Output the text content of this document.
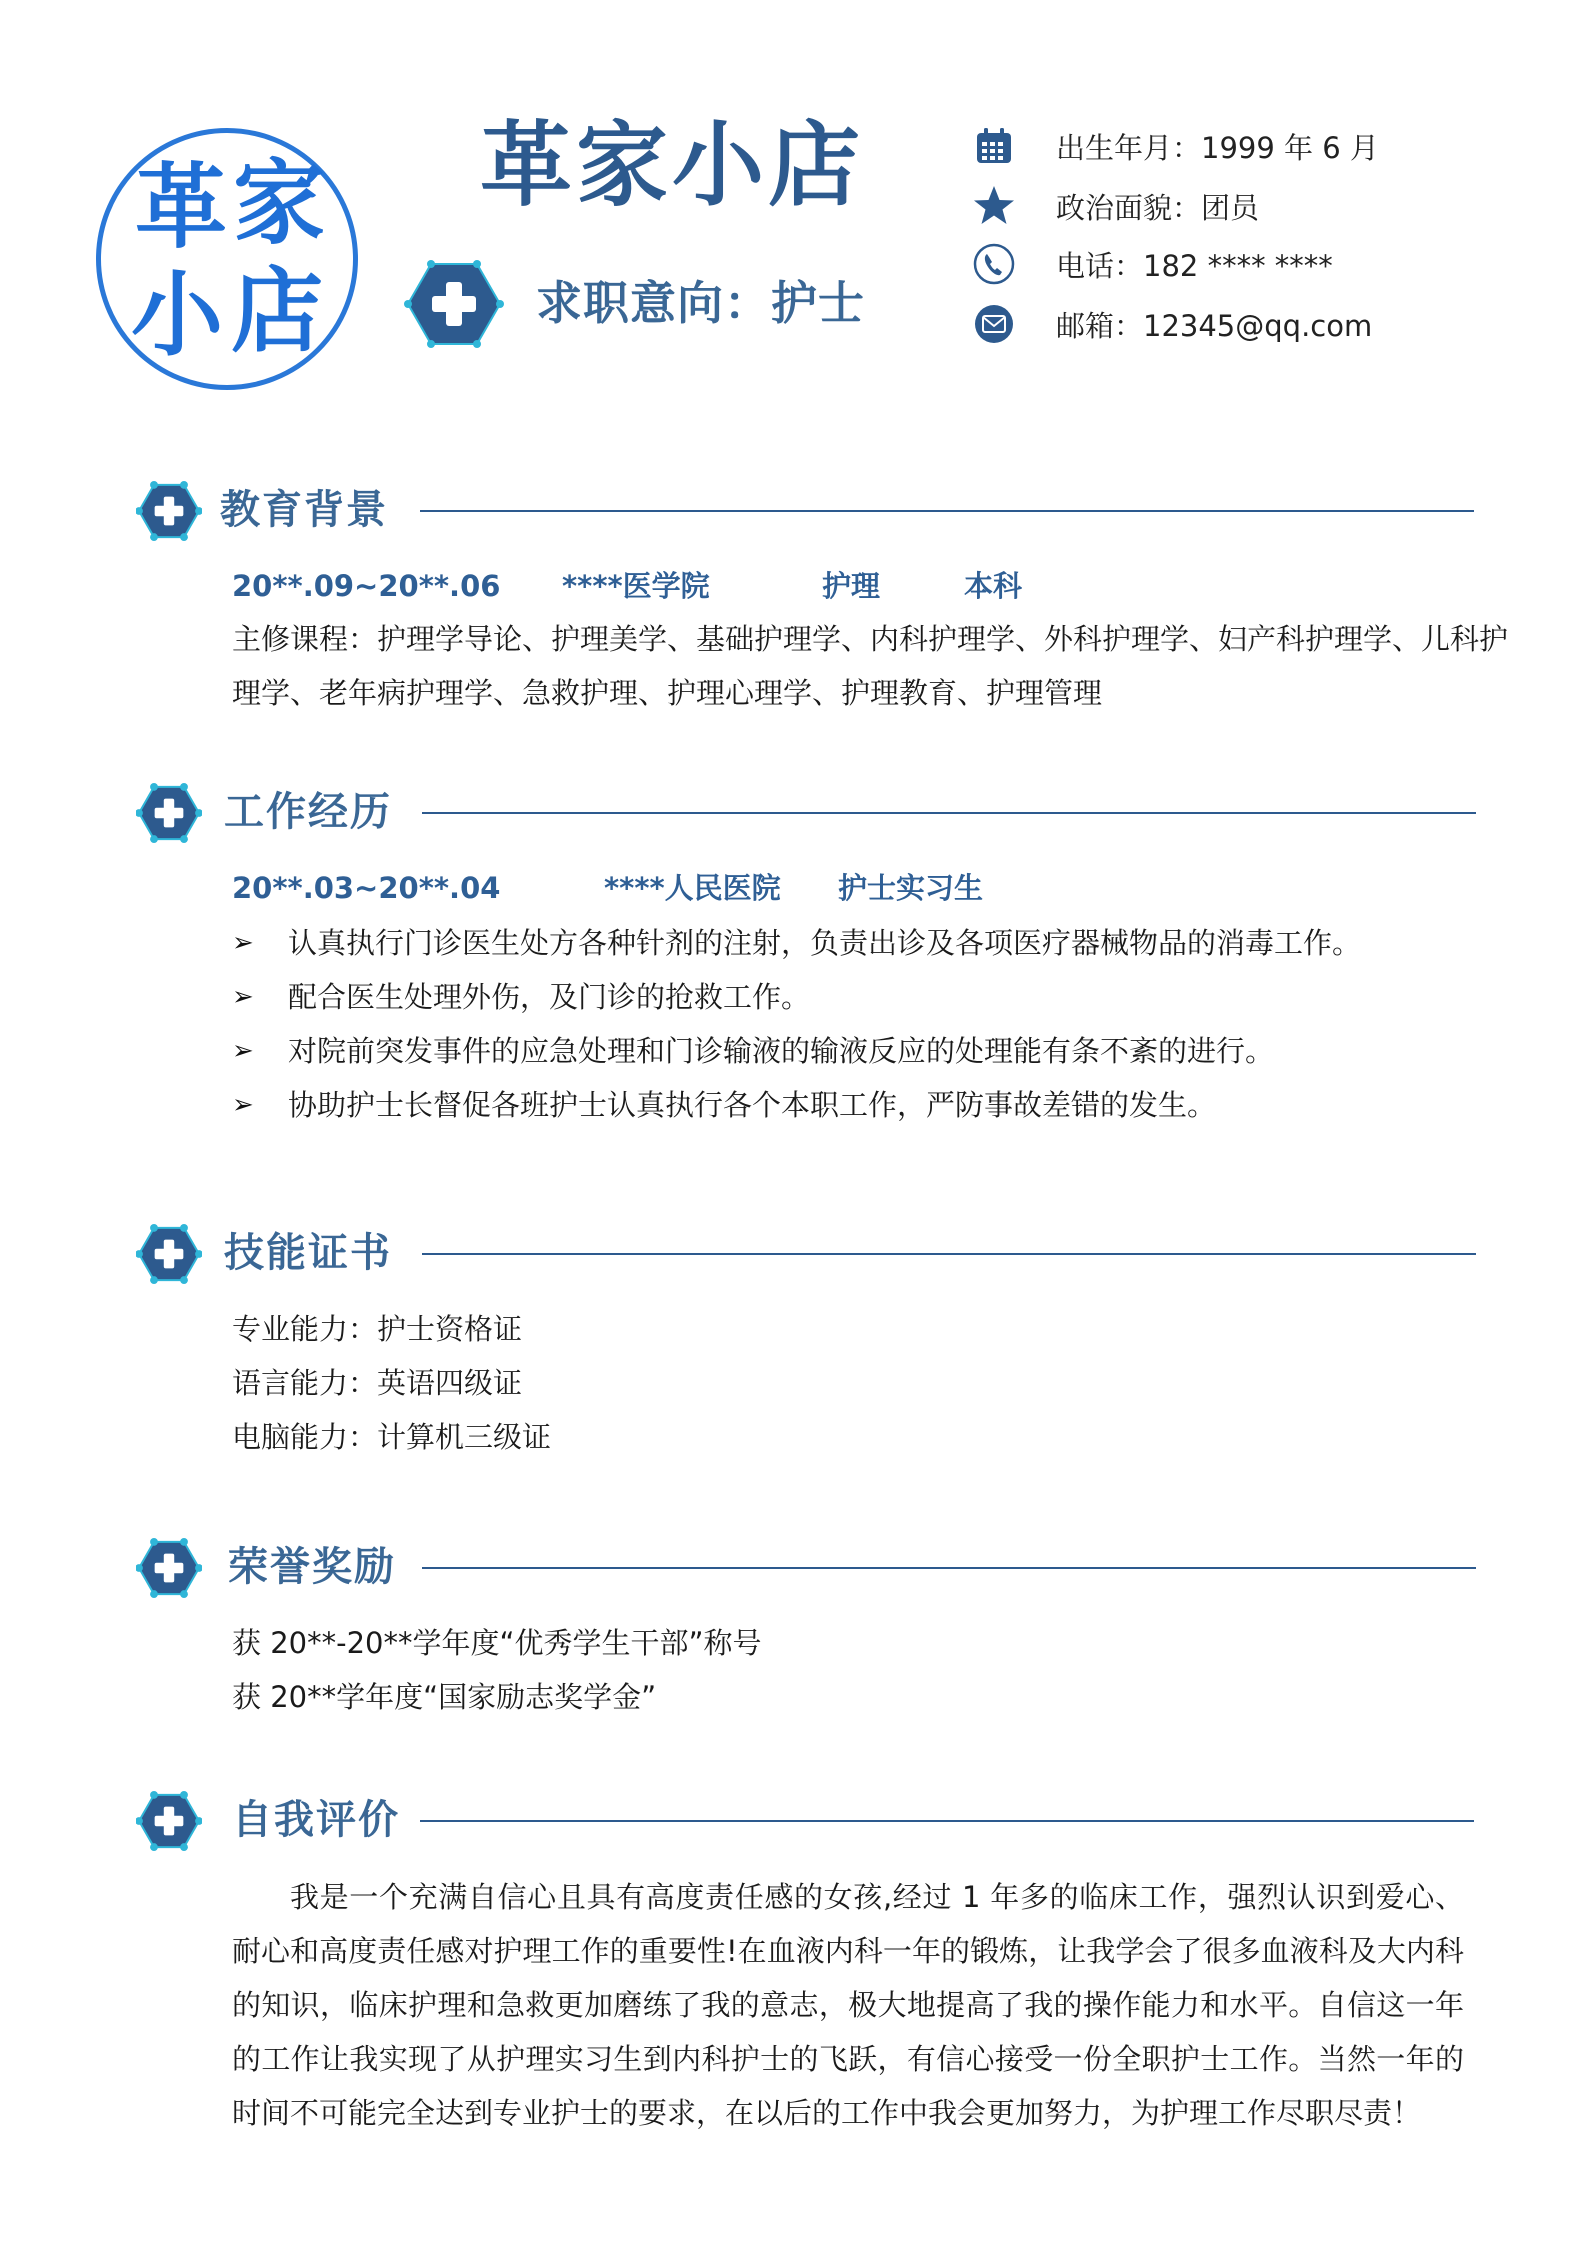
革 家
小 店
革家小店
求职意向：护士
出生年月：1999 年 6 月
政治面貌：团员
电话：182 **** ****
邮箱：12345@qq.com
教育背景
20**.09~20**.06 ****医学院	护理	本科
主修课程：护理学导论、护理美学、基础护理学、内科护理学、外科护理学、妇产科护理学、儿科护
理学、老年病护理学、急救护理、护理心理学、护理教育、护理管理
工作经历
20**.03~20**.04	****人民医院 护士实习生
➢	认真执行门诊医生处方各种针剂的注射，负责出诊及各项医疗器械物品的消毒工作。
➢	配合医生处理外伤，及门诊的抢救工作。
➢	对院前突发事件的应急处理和门诊输液的输液反应的处理能有条不紊的进行。
➢	协助护士长督促各班护士认真执行各个本职工作，严防事故差错的发生。
技能证书
专业能力：护士资格证
语言能力：英语四级证
电脑能力：计算机三级证
荣誉奖励
获 20**-20**学年度“优秀学生干部”称号
获 20**学年度“国家励志奖学金”
自我评价
我是一个充满自信心且具有高度责任感的女孩,经过 1 年多的临床工作，强烈认识到爱心、耐心和高度责任感对护理工作的重要性!在血液内科一年的锻炼，让我学会了很多血液科及大内科的知识，临床护理和急救更加磨练了我的意志，极大地提高了我的操作能力和水平。自信这一年的工作让我实现了从护理实习生到内科护士的飞跃，有信心接受一份全职护士工作。当然一年的时间不可能完全达到专业护士的要求，在以后的工作中我会更加努力，为护理工作尽职尽责！
